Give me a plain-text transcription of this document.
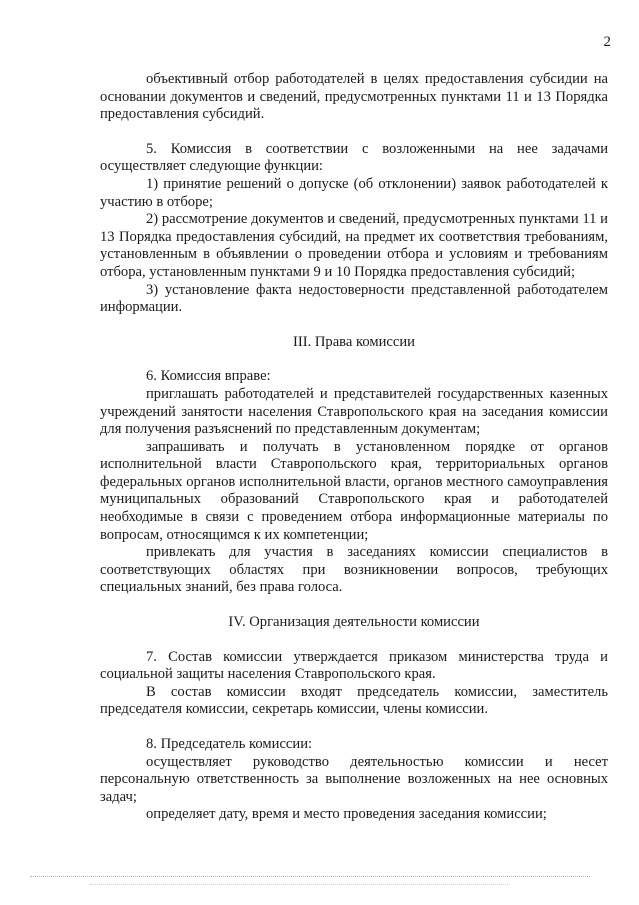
2

объективный отбор работодателей в целях предоставления субсидии на основании документов и сведений, предусмотренных пунктами 11 и 13 Порядка предоставления субсидий.

5. Комиссия в соответствии с возложенными на нее задачами осуществляет следующие функции:

1) принятие решений о допуске (об отклонении) заявок работодателей к участию в отборе;

2) рассмотрение документов и сведений, предусмотренных пунктами 11 и 13 Порядка предоставления субсидий, на предмет их соответствия требованиям, установленным в объявлении о проведении отбора и условиям и требованиям отбора, установленным пунктами 9 и 10 Порядка предоставления субсидий;

3) установление факта недостоверности представленной работодателем информации.

III. Права комиссии

6. Комиссия вправе:

приглашать работодателей и представителей государственных казенных учреждений занятости населения Ставропольского края на заседания комиссии для получения разъяснений по представленным документам;

запрашивать и получать в установленном порядке от органов исполнительной власти Ставропольского края, территориальных органов федеральных органов исполнительной власти, органов местного самоуправления муниципальных образований Ставропольского края и работодателей необходимые в связи с проведением отбора информационные материалы по вопросам, относящимся к их компетенции;

привлекать для участия в заседаниях комиссии специалистов в соответствующих областях при возникновении вопросов, требующих специальных знаний, без права голоса.

IV. Организация деятельности комиссии

7. Состав комиссии утверждается приказом министерства труда и социальной защиты населения Ставропольского края.

В состав комиссии входят председатель комиссии, заместитель председателя комиссии, секретарь комиссии, члены комиссии.

8. Председатель комиссии:

осуществляет руководство деятельностью комиссии и несет персональную ответственность за выполнение возложенных на нее основных задач;

определяет дату, время и место проведения заседания комиссии;
